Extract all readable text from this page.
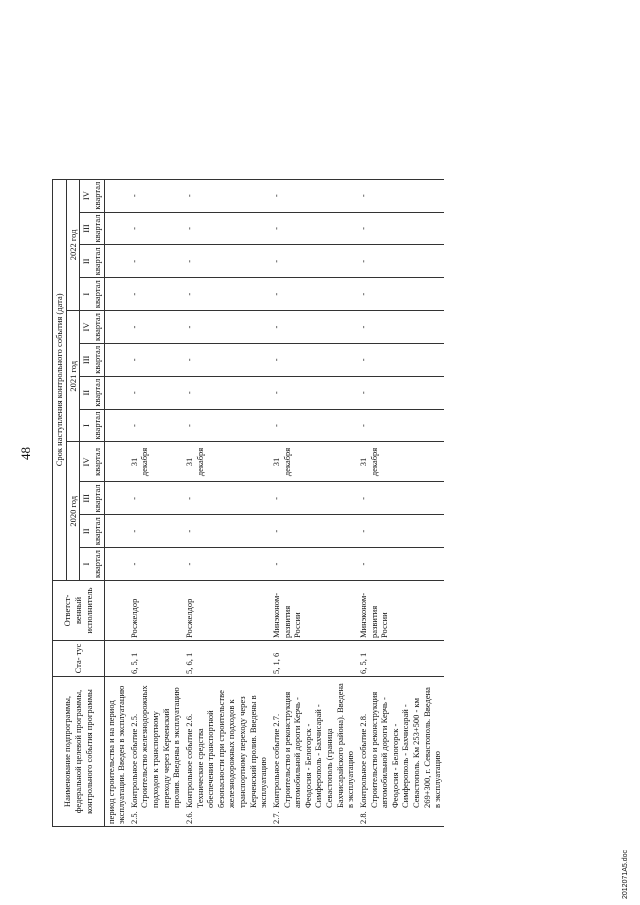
48
Наименование подпрограммы, федеральной целевой программы, контрольного события программы	Ста- тус	Ответст- венный исполнитель	Срок наступления контрольного события (дата)											
			2020 год				2021 год				2022 год			
			I квартал	II квартал	III квартал	IV квартал	I квартал	II квартал	III квартал	IV квартал	I квартал	II квартал	III квартал	IV квартал
период строительства и на период эксплуатации. Введен в эксплуатацию														
2.5.Контрольное событие 2.5. Строительство железнодорожных подходов к транспортному переходу через Керченский пролив. Введены в эксплуатацию	6, 5, 1	Росжелдор	-	-	-	31 декабря	-	-	-	-	-	-	-	-
2.6.Контрольное событие 2.6. Технические средства обеспечения транспортной безопасности при строительстве железнодорожных подходов к транспортному переходу через Керченский пролив. Введены в эксплуатацию	5, 6, 1	Росжелдор	-	-	-	31 декабря	-	-	-	-	-	-	-	-
2.7.Контрольное событие 2.7. Строительство и реконструкция автомобильной дороги Керчь - Феодосия - Белогорск - Симферополь - Бахчисарай - Севастополь (граница Бахчисарайского района). Введена в эксплуатацию	5, 1, 6	Минэконом- развития России	-	-	-	31 декабря	-	-	-	-	-	-	-	-
2.8.Контрольное событие 2.8. Строительство и реконструкция автомобильной дороги Керчь - Феодосия - Белогорск - Симферополь - Бахчисарай - Севастополь. Км 253+500 - км 269+300, г. Севастополь. Введена в эксплуатацию	6, 5, 1	Минэконом- развития России	-	-	-	31 декабря	-	-	-	-	-	-	-	-
2012071А5.doc
